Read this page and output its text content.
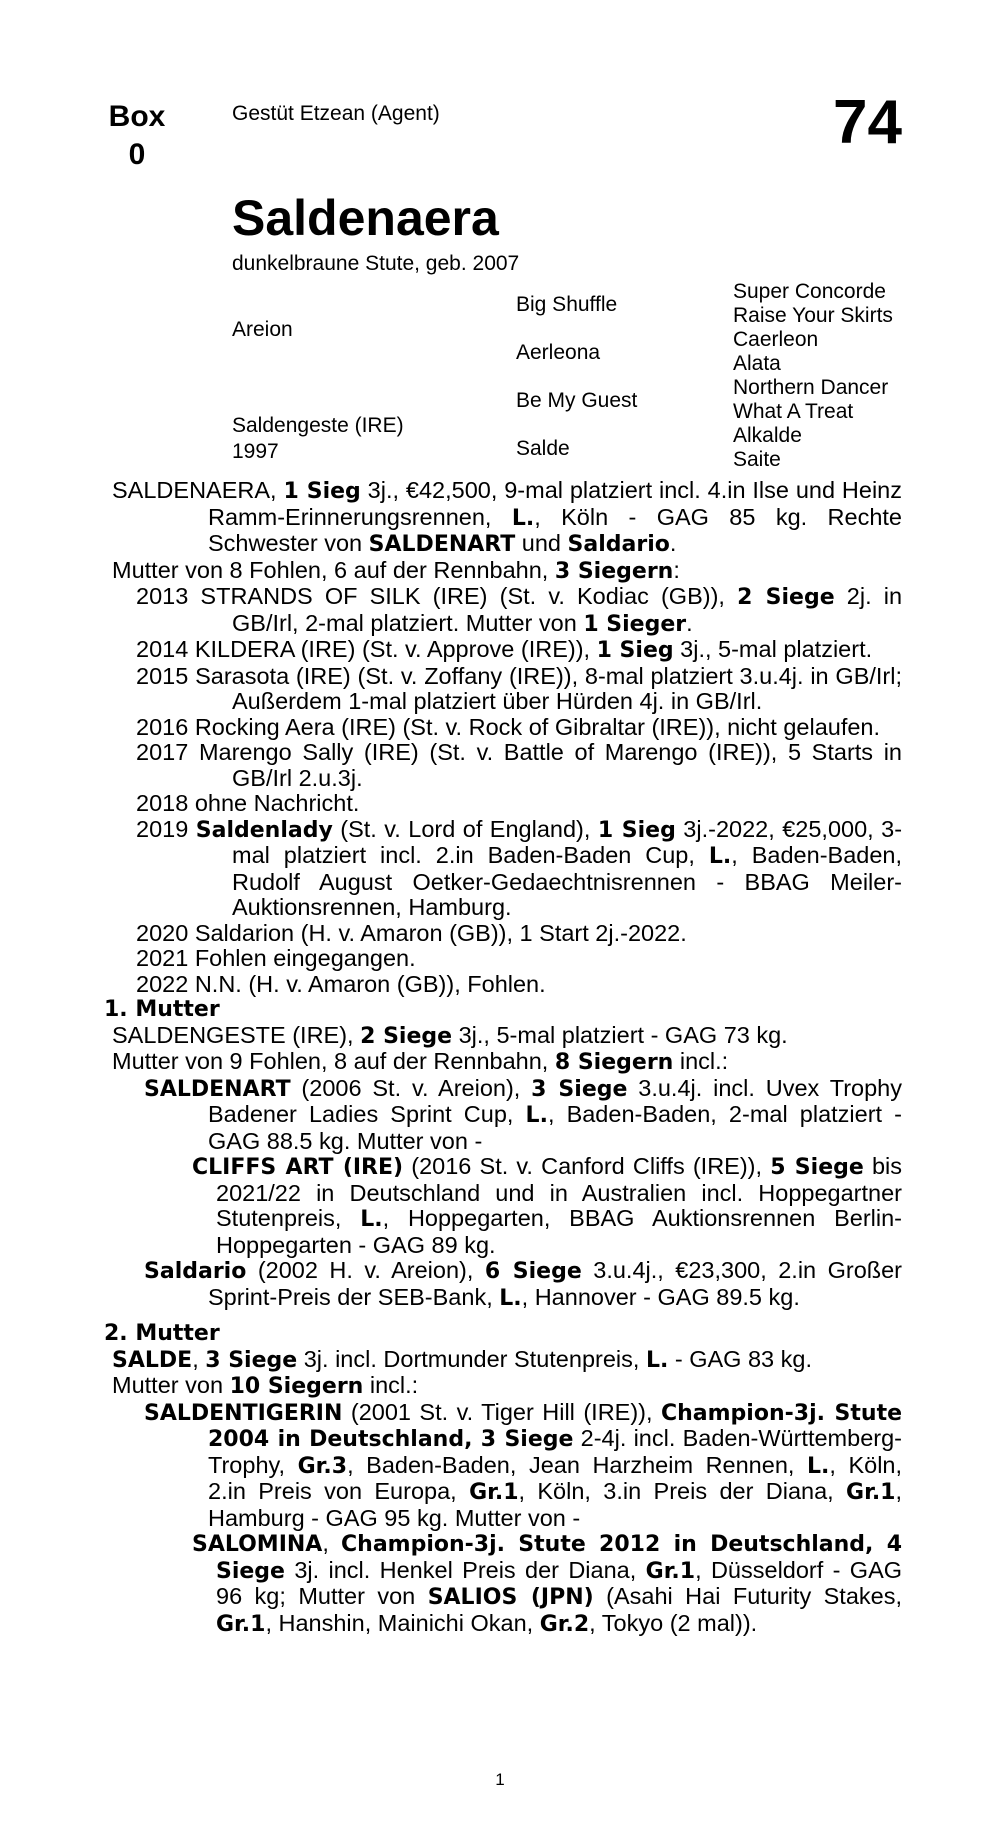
Box
0
Gestüt Etzean (Agent)	74
Saldenaera
dunkelbraune Stute, geb. 2007
Areion
Saldengeste (IRE)
1997
Big Shuffle
Aerleona
Be My Guest
Salde
Super Concorde
Raise Your Skirts
Caerleon
Alata
Northern Dancer
What A Treat
Alkalde
Saite
SALDENAERA, 1 Sieg 3j., €42,500, 9-mal platziert incl. 4.in Ilse und Heinz Ramm-Erinnerungsrennen, L., Köln - GAG 85 kg. Rechte Schwester von SALDENART und Saldario.
Mutter von 8 Fohlen, 6 auf der Rennbahn, 3 Siegern:
2013 STRANDS OF SILK (IRE) (St. v. Kodiac (GB)), 2 Siege 2j. in GB/Irl, 2-mal platziert. Mutter von 1 Sieger.
2014 KILDERA (IRE) (St. v. Approve (IRE)), 1 Sieg 3j., 5-mal platziert.
2015 Sarasota (IRE) (St. v. Zoffany (IRE)), 8-mal platziert 3.u.4j. in GB/Irl; Außerdem 1-mal platziert über Hürden 4j. in GB/Irl.
2016 Rocking Aera (IRE) (St. v. Rock of Gibraltar (IRE)), nicht gelaufen.
2017 Marengo Sally (IRE) (St. v. Battle of Marengo (IRE)), 5 Starts in GB/Irl 2.u.3j.
2018 ohne Nachricht.
2019 Saldenlady (St. v. Lord of England), 1 Sieg 3j.-2022, €25,000, 3-mal platziert incl. 2.in Baden-Baden Cup, L., Baden-Baden, Rudolf August Oetker-Gedaechtnisrennen - BBAG Meiler-Auktionsrennen, Hamburg.
2020 Saldarion (H. v. Amaron (GB)), 1 Start 2j.-2022.
2021 Fohlen eingegangen.
2022 N.N. (H. v. Amaron (GB)), Fohlen.
1. Mutter
SALDENGESTE (IRE), 2 Siege 3j., 5-mal platziert - GAG 73 kg.
Mutter von 9 Fohlen, 8 auf der Rennbahn, 8 Siegern incl.:
SALDENART (2006 St. v. Areion), 3 Siege 3.u.4j. incl. Uvex Trophy Badener Ladies Sprint Cup, L., Baden-Baden, 2-mal platziert - GAG 88.5 kg. Mutter von -
CLIFFS ART (IRE) (2016 St. v. Canford Cliffs (IRE)), 5 Siege bis 2021/22 in Deutschland und in Australien incl. Hoppegartner Stutenpreis, L., Hoppegarten, BBAG Auktionsrennen Berlin-Hoppegarten - GAG 89 kg.
Saldario (2002 H. v. Areion), 6 Siege 3.u.4j., €23,300, 2.in Großer Sprint-Preis der SEB-Bank, L., Hannover - GAG 89.5 kg.
2. Mutter
SALDE, 3 Siege 3j. incl. Dortmunder Stutenpreis, L. - GAG 83 kg.
Mutter von 10 Siegern incl.:
SALDENTIGERIN (2001 St. v. Tiger Hill (IRE)), Champion-3j. Stute 2004 in Deutschland, 3 Siege 2-4j. incl. Baden-Württemberg-Trophy, Gr.3, Baden-Baden, Jean Harzheim Rennen, L., Köln, 2.in Preis von Europa, Gr.1, Köln, 3.in Preis der Diana, Gr.1, Hamburg - GAG 95 kg. Mutter von -
SALOMINA, Champion-3j. Stute 2012 in Deutschland, 4 Siege 3j. incl. Henkel Preis der Diana, Gr.1, Düsseldorf - GAG 96 kg; Mutter von SALIOS (JPN) (Asahi Hai Futurity Stakes, Gr.1, Hanshin, Mainichi Okan, Gr.2, Tokyo (2 mal)).
1
